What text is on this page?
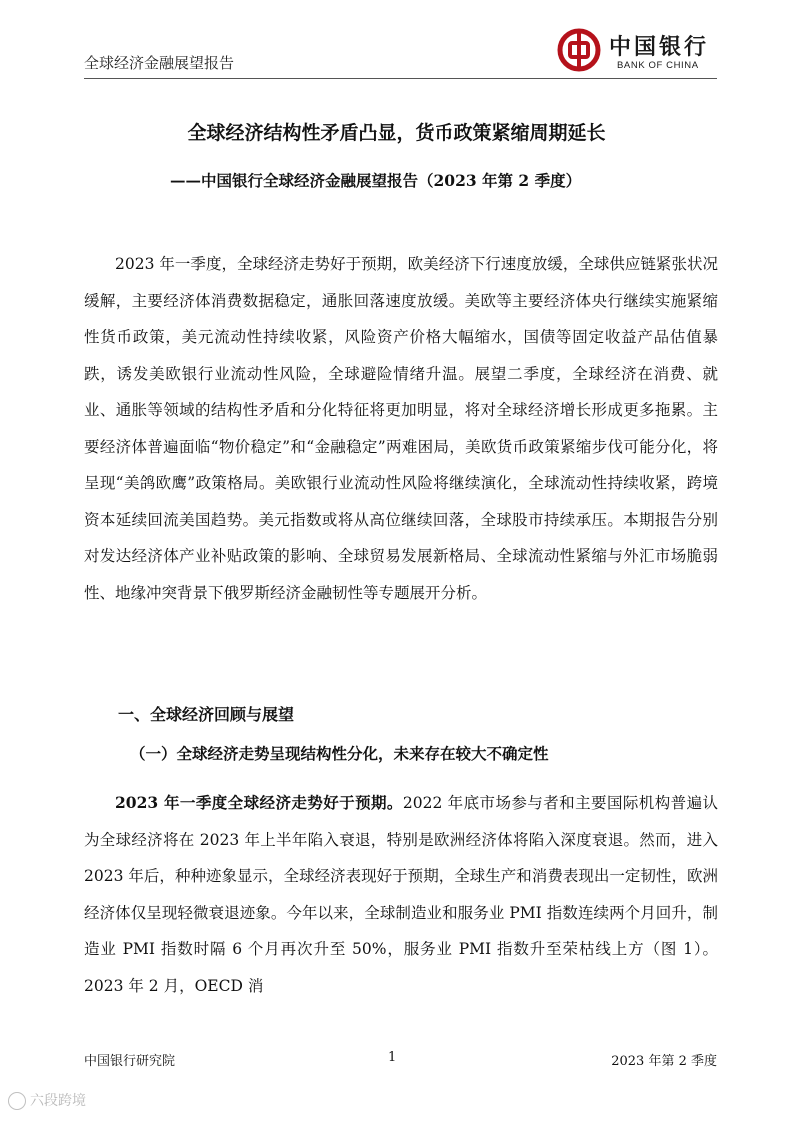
全球经济金融展望报告
中国银行
BANK OF CHINA
全球经济结构性矛盾凸显，货币政策紧缩周期延长
——中国银行全球经济金融展望报告（2023 年第 2 季度）

2023 年一季度，全球经济走势好于预期，欧美经济下行速度放缓，全球供应链紧张状况缓解，主要经济体消费数据稳定，通胀回落速度放缓。美欧等主要经济体央行继续实施紧缩性货币政策，美元流动性持续收紧，风险资产价格大幅缩水，国债等固定收益产品估值暴跌，诱发美欧银行业流动性风险，全球避险情绪升温。展望二季度，全球经济在消费、就业、通胀等领域的结构性矛盾和分化特征将更加明显，将对全球经济增长形成更多拖累。主要经济体普遍面临“物价稳定”和“金融稳定”两难困局，美欧货币政策紧缩步伐可能分化，将呈现“美鸽欧鹰”政策格局。美欧银行业流动性风险将继续演化，全球流动性持续收紧，跨境资本延续回流美国趋势。美元指数或将从高位继续回落，全球股市持续承压。本期报告分别对发达经济体产业补贴政策的影响、全球贸易发展新格局、全球流动性紧缩与外汇市场脆弱性、地缘冲突背景下俄罗斯经济金融韧性等专题展开分析。

一、全球经济回顾与展望
（一）全球经济走势呈现结构性分化，未来存在较大不确定性

2023 年一季度全球经济走势好于预期。2022 年底市场参与者和主要国际机构普遍认为全球经济将在 2023 年上半年陷入衰退，特别是欧洲经济体将陷入深度衰退。然而，进入 2023 年后，种种迹象显示，全球经济表现好于预期，全球生产和消费表现出一定韧性，欧洲经济体仅呈现轻微衰退迹象。今年以来，全球制造业和服务业 PMI 指数连续两个月回升，制造业 PMI 指数时隔 6 个月再次升至 50%，服务业 PMI 指数升至荣枯线上方（图 1）。2023 年 2 月，OECD 消

中国银行研究院	1	2023 年第 2 季度
六段跨境
